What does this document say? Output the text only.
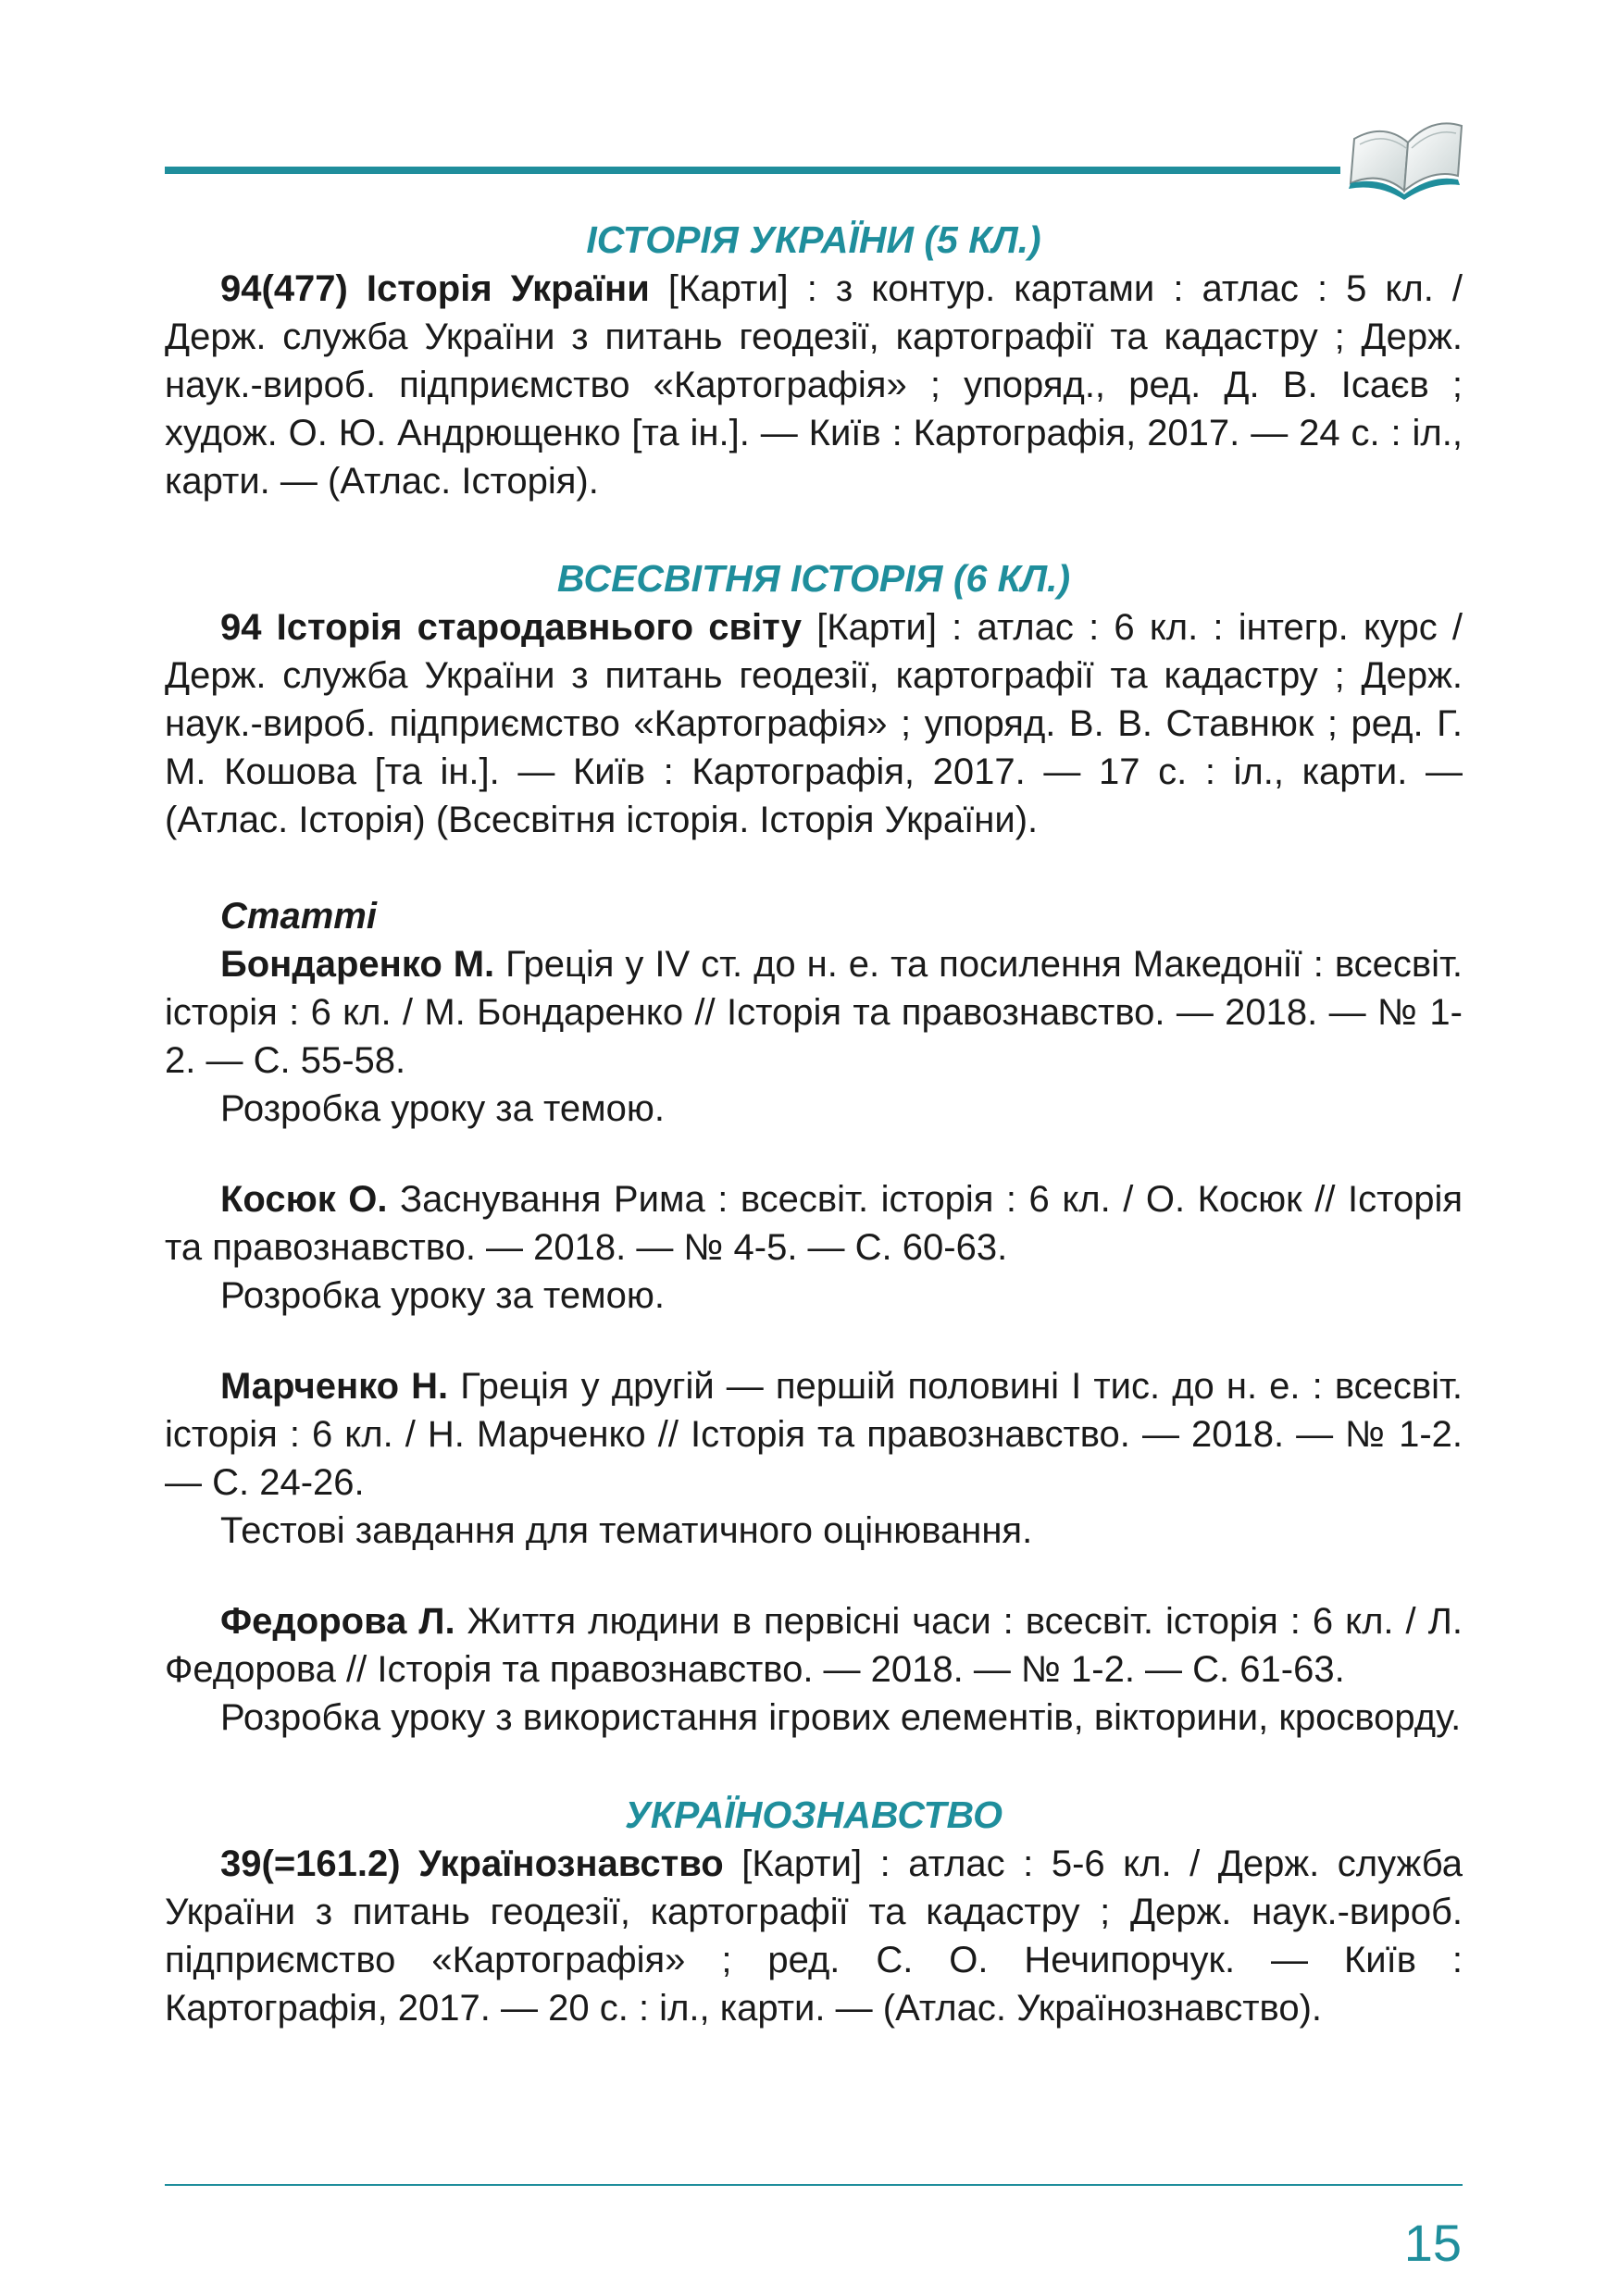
ІСТОРІЯ УКРАЇНИ (5 КЛ.)

94(477) Історія України [Карти] : з контур. картами : атлас : 5 кл. / Держ. служба України з питань геодезії, картографії та кадастру ; Держ. наук.-вироб. підприємство «Картографія» ; упоряд., ред. Д. В. Ісаєв ; худож. О. Ю. Андрющенко [та ін.]. — Київ : Картографія, 2017. — 24 с. : іл., карти. — (Атлас. Історія).

ВСЕСВІТНЯ ІСТОРІЯ (6 КЛ.)

94 Історія стародавнього світу [Карти] : атлас : 6 кл. : інтегр. курс / Держ. служба України з питань геодезії, картографії та кадастру ; Держ. наук.-вироб. підприємство «Картографія» ; упоряд. В. В. Ставнюк ; ред. Г. М. Кошова [та ін.]. — Київ : Картографія, 2017. — 17 с. : іл., карти. — (Атлас. Історія) (Всесвітня історія. Історія України).

Статті

Бондаренко М. Греція у IV ст. до н. е. та посилення Македонії : всесвіт. історія : 6 кл. / М. Бондаренко // Історія та правознавство. — 2018. — № 1-2. — С. 55-58.

Розробка уроку за темою.

Косюк О. Заснування Рима : всесвіт. історія : 6 кл. / О. Косюк // Історія та правознавство. — 2018. — № 4-5. — С. 60-63.

Розробка уроку за темою.

Марченко Н. Греція у другій — першій половині І тис. до н. е. : всесвіт. історія : 6 кл. / Н. Марченко // Історія та правознавство. — 2018. — № 1-2. — С. 24-26.

Тестові завдання для тематичного оцінювання.

Федорова Л. Життя людини в первісні часи : всесвіт. історія : 6 кл. / Л. Федорова // Історія та правознавство. — 2018. — № 1-2. — С. 61-63.

Розробка уроку з використання ігрових елементів, вікторини, кросворду.

УКРАЇНОЗНАВСТВО

39(=161.2) Українознавство [Карти] : атлас : 5-6 кл. / Держ. служба України з питань геодезії, картографії та кадастру ; Держ. наук.-вироб. підприємство «Картографія» ; ред. С. О. Нечипорчук. — Київ : Картографія, 2017. — 20 с. : іл., карти. — (Атлас. Українознавство).

15
